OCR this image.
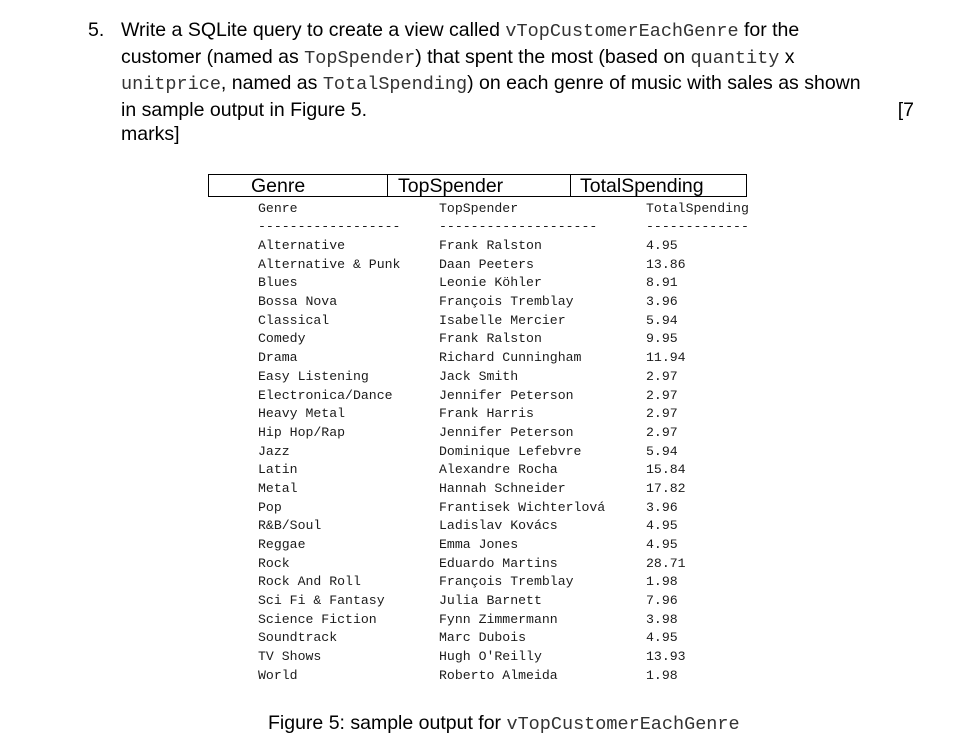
5. Write a SQLite query to create a view called vTopCustomerEachGenre for the
customer (named as TopSpender) that spent the most (based on quantity x
unitprice, named as TotalSpending) on each genre of music with sales as shown
in sample output in Figure 5.	[7
marks]
Genre	TopSpender	TotalSpending
Genre	TopSpender	TotalSpending
------------------	--------------------	-------------
Alternative	Frank Ralston	4.95
Alternative & Punk	Daan Peeters	13.86
Blues	Leonie Köhler	8.91
Bossa Nova	François Tremblay	3.96
Classical	Isabelle Mercier	5.94
Comedy	Frank Ralston	9.95
Drama	Richard Cunningham	11.94
Easy Listening	Jack Smith	2.97
Electronica/Dance	Jennifer Peterson	2.97
Heavy Metal	Frank Harris	2.97
Hip Hop/Rap	Jennifer Peterson	2.97
Jazz	Dominique Lefebvre	5.94
Latin	Alexandre Rocha	15.84
Metal	Hannah Schneider	17.82
Pop	Frantisek Wichterlová	3.96
R&B/Soul	Ladislav Kovács	4.95
Reggae	Emma Jones	4.95
Rock	Eduardo Martins	28.71
Rock And Roll	François Tremblay	1.98
Sci Fi & Fantasy	Julia Barnett	7.96
Science Fiction	Fynn Zimmermann	3.98
Soundtrack	Marc Dubois	4.95
TV Shows	Hugh O'Reilly	13.93
World	Roberto Almeida	1.98
Figure 5: sample output for vTopCustomerEachGenre
